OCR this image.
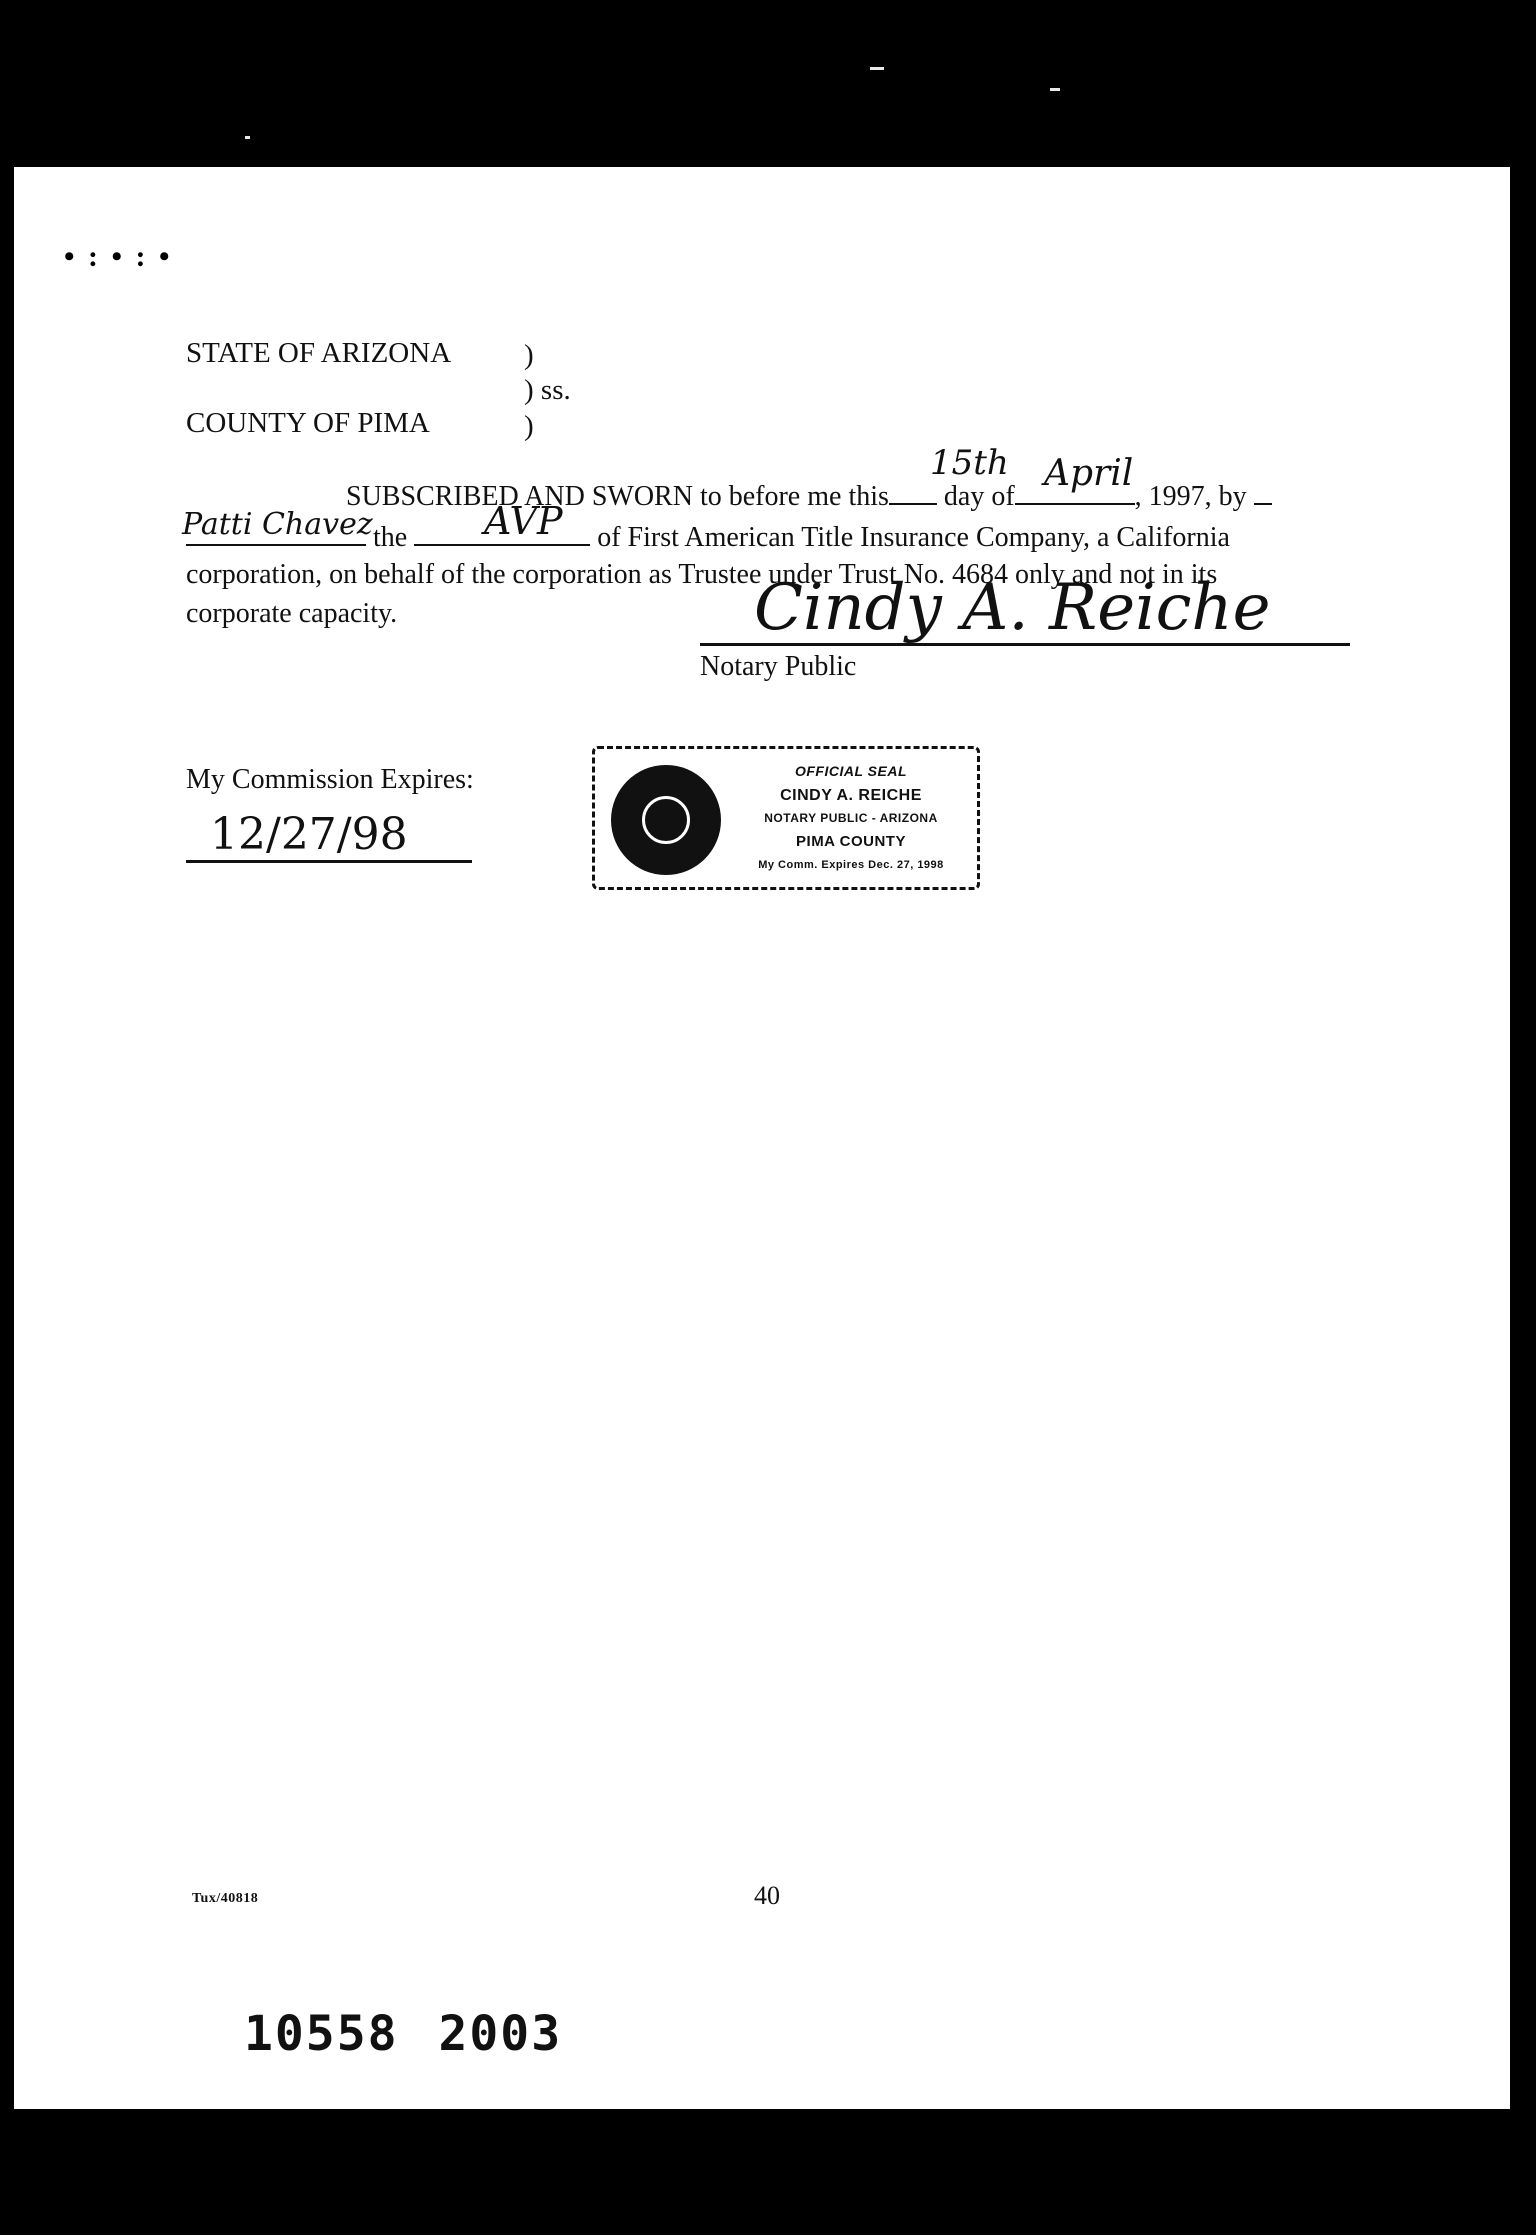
• : • : •
STATE OF ARIZONA
COUNTY OF PIMA
)
) ss.
)
SUBSCRIBED AND SWORN to before me this day of	, 1997, by
15th April
the	of First American Title Insurance Company, a California
Patti Chavez	AVP
corporation, on behalf of the corporation as Trustee under Trust No. 4684 only and not in its
corporate capacity.	Cindy A. Reiche
Notary Public
My Commission Expires:
12/27/98
OFFICIAL SEAL
CINDY A. REICHE
NOTARY PUBLIC - ARIZONA
PIMA COUNTY
My Comm. Expires Dec. 27, 1998
Tux/40818	40
10558 2003
